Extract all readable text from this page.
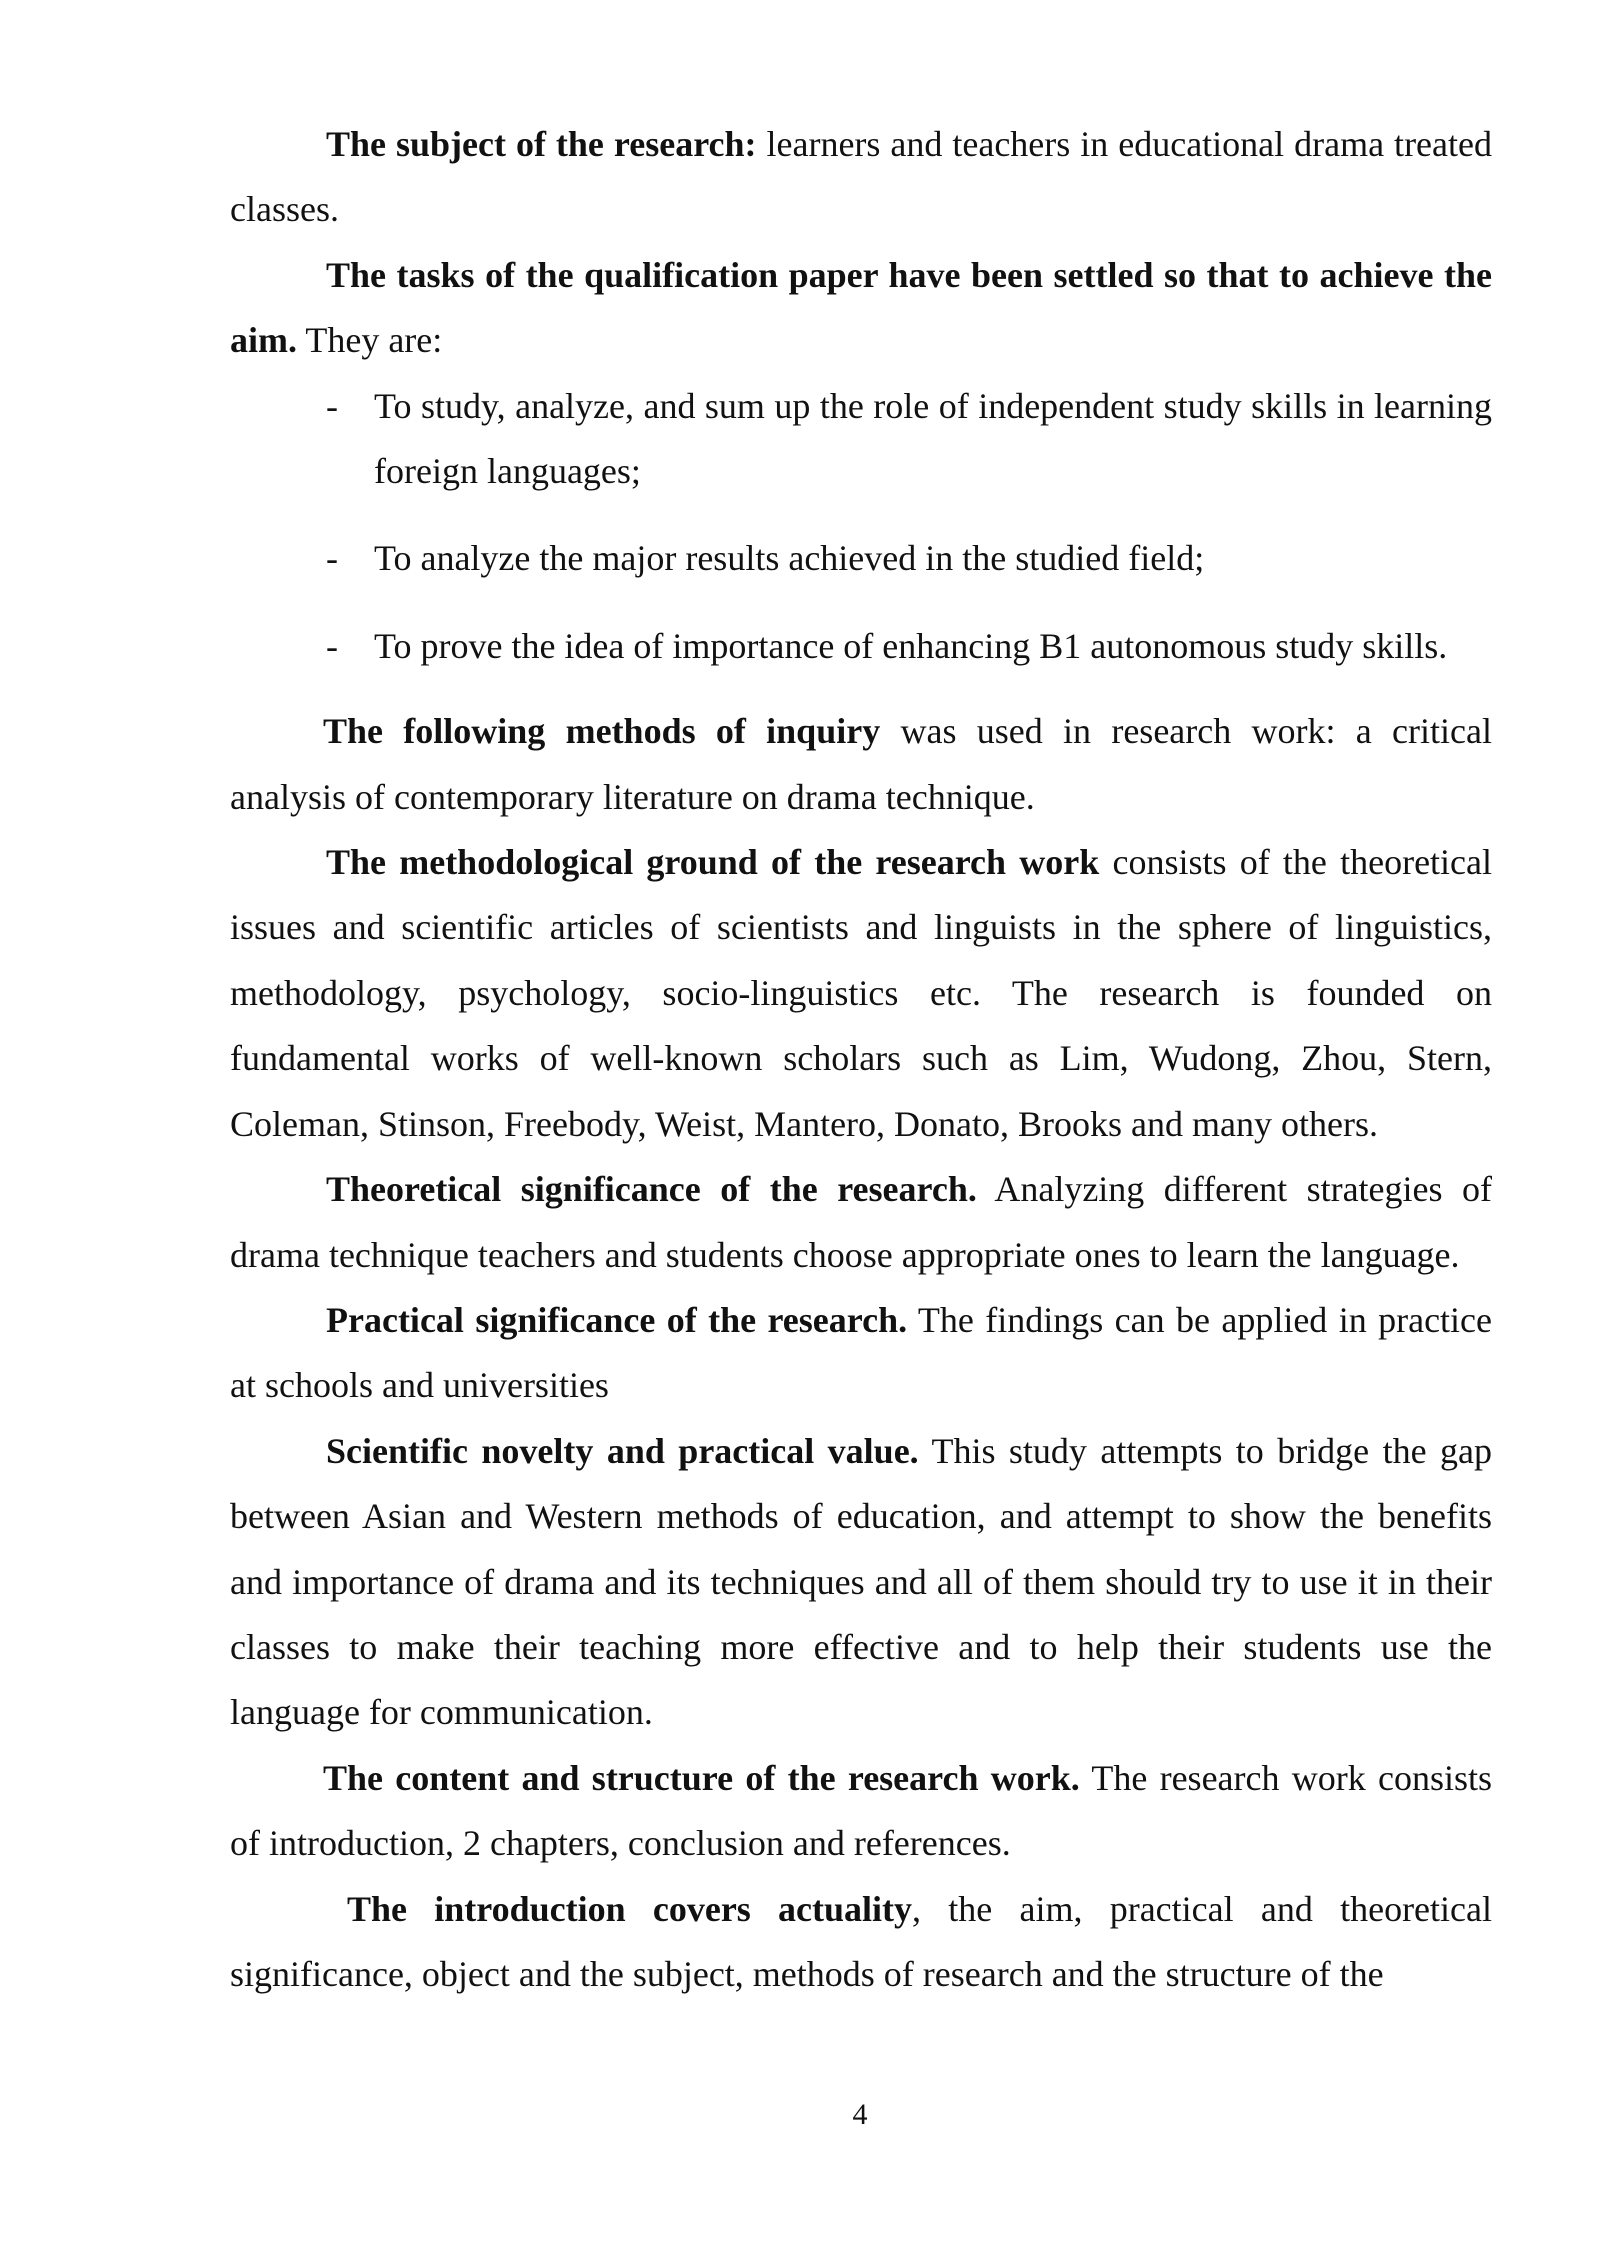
The subject of the research: learners and teachers in educational drama treated classes.

The tasks of the qualification paper have been settled so that to achieve the aim. They are:

- To study, analyze, and sum up the role of independent study skills in learning foreign languages;
- To analyze the major results achieved in the studied field;
- To prove the idea of importance of enhancing B1 autonomous study skills.

The following methods of inquiry was used in research work: a critical analysis of contemporary literature on drama technique.

The methodological ground of the research work consists of the theoretical issues and scientific articles of scientists and linguists in the sphere of linguistics, methodology, psychology, socio-linguistics etc. The research is founded on fundamental works of well-known scholars such as Lim, Wudong, Zhou, Stern, Coleman, Stinson, Freebody, Weist, Mantero, Donato, Brooks and many others.

Theoretical significance of the research. Analyzing different strategies of drama technique teachers and students choose appropriate ones to learn the language.

Practical significance of the research. The findings can be applied in practice at schools and universities

Scientific novelty and practical value. This study attempts to bridge the gap between Asian and Western methods of education, and attempt to show the benefits and importance of drama and its techniques and all of them should try to use it in their classes to make their teaching more effective and to help their students use the language for communication.

The content and structure of the research work. The research work consists of introduction, 2 chapters, conclusion and references.

The introduction covers actuality, the aim, practical and theoretical significance, object and the subject, methods of research and the structure of the

4
